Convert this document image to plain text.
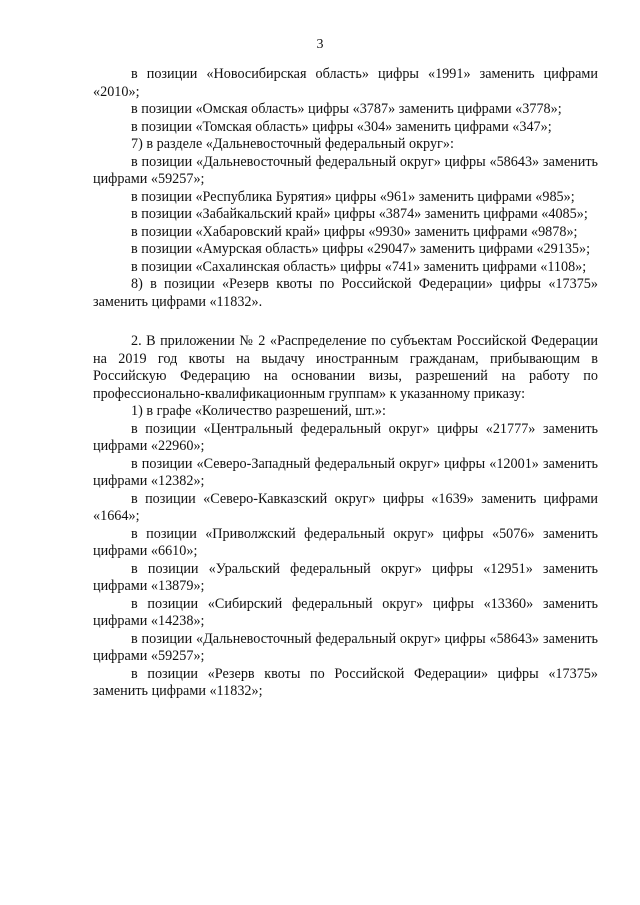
3

в позиции «Новосибирская область» цифры «1991» заменить цифрами «2010»;

в позиции «Омская область» цифры «3787» заменить цифрами «3778»;

в позиции «Томская область» цифры «304» заменить цифрами «347»;

7) в разделе «Дальневосточный федеральный округ»:

в позиции «Дальневосточный федеральный округ» цифры «58643» заменить цифрами «59257»;

в позиции «Республика Бурятия» цифры «961» заменить цифрами «985»;

в позиции «Забайкальский край» цифры «3874» заменить цифрами «4085»;

в позиции «Хабаровский край» цифры «9930» заменить цифрами «9878»;

в позиции «Амурская область» цифры «29047» заменить цифрами «29135»;

в позиции «Сахалинская область» цифры «741» заменить цифрами «1108»;

8) в позиции «Резерв квоты по Российской Федерации» цифры «17375» заменить цифрами «11832».

2. В приложении № 2 «Распределение по субъектам Российской Федерации на 2019 год квоты на выдачу иностранным гражданам, прибывающим в Российскую Федерацию на основании визы, разрешений на работу по профессионально-квалификационным группам» к указанному приказу:

1) в графе «Количество разрешений, шт.»:

в позиции «Центральный федеральный округ» цифры «21777» заменить цифрами «22960»;

в позиции «Северо-Западный федеральный округ» цифры «12001» заменить цифрами «12382»;

в позиции «Северо-Кавказский округ» цифры «1639» заменить цифрами «1664»;

в позиции «Приволжский федеральный округ» цифры «5076» заменить цифрами «6610»;

в позиции «Уральский федеральный округ» цифры «12951» заменить цифрами «13879»;

в позиции «Сибирский федеральный округ» цифры «13360» заменить цифрами «14238»;

в позиции «Дальневосточный федеральный округ» цифры «58643» заменить цифрами «59257»;

в позиции «Резерв квоты по Российской Федерации» цифры «17375» заменить цифрами «11832»;
